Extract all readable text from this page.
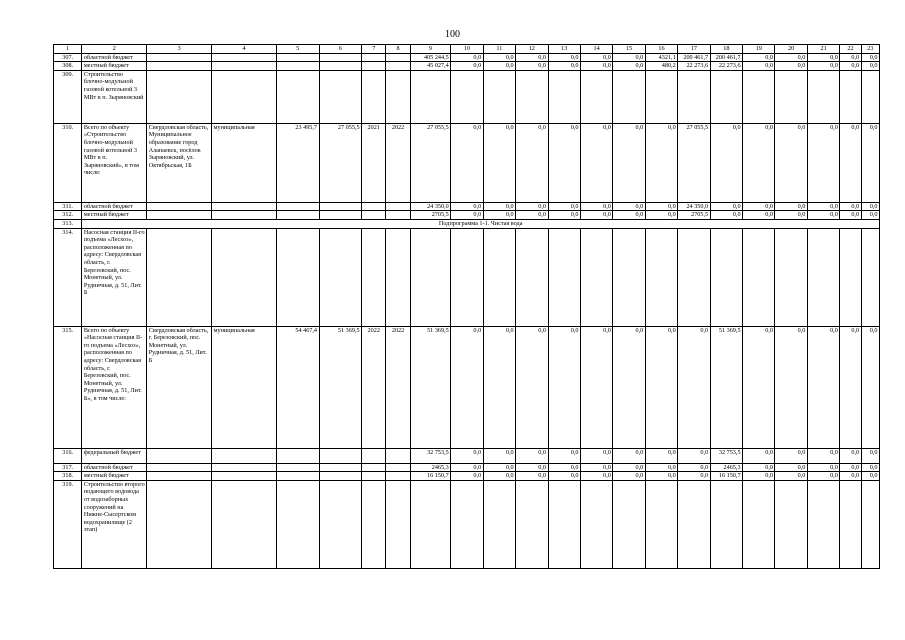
100
1	2	3	4	5	6	7	8	9	10	11	12	13	14	15	16	17	18	19	20	21	22	23
307.	областной бюджет							405 244,5	0,0	0,0	0,0	0,0	0,0	0,0	4321,1	200 461,7	200 461,7	0,0	0,0	0,0	0,0	0,0
308.	местный бюджет							45 027,4	0,0	0,0	0,0	0,0	0,0	0,0	480,2	22 273,6	22 273,6	0,0	0,0	0,0	0,0	0,0
309.	Строительство блочно-модульной газовой котельной 3 МВт в п. Зыряновский																					
310.	Всего по объекту «Строительство блочно-модульной газовой котельной 3 МВт в п. Зыряновский», в том числе:	Свердловская область, Муниципальное образование город Алапаевск, посёлок Зыряновский, ул. Октябрьская, 1Б	муниципальная	23 495,7	27 055,5	2021	2022	27 055,5	0,0	0,0	0,0	0,0	0,0	0,0	0,0	27 055,5	0,0	0,0	0,0	0,0	0,0	0,0
311.	областной бюджет							24 350,0	0,0	0,0	0,0	0,0	0,0	0,0	0,0	24 350,0	0,0	0,0	0,0	0,0	0,0	0,0
312.	местный бюджет							2705,5	0,0	0,0	0,0	0,0	0,0	0,0	0,0	2705,5	0,0	0,0	0,0	0,0	0,0	0,0
313.	Подпрограмма 1-1. Чистая вода																					
314.	Насосная станция II-го подъема «Лесхоз», расположенная по адресу: Свердловская область, г. Березовский, пос. Монетный, ул. Рудничная, д. 51, Лит. Б																					
315.	Всего по объекту «Насосная станция II-го подъема «Лесхоз», расположенная по адресу: Свердловская область, г. Березовский, пос. Монетный, ул. Рудничная, д. 51, Лит. Б», в том числе:	Свердловская область, г. Березовский, пос. Монетный, ул. Рудничная, д. 51, Лит. Б	муниципальная	54 467,4	51 369,5	2022	2022	51 369,5	0,0	0,0	0,0	0,0	0,0	0,0	0,0	0,0	51 369,5	0,0	0,0	0,0	0,0	0,0
316.	федеральный бюджет							32 753,5	0,0	0,0	0,0	0,0	0,0	0,0	0,0	0,0	32 753,5	0,0	0,0	0,0	0,0	0,0
317.	областной бюджет							2465,3	0,0	0,0	0,0	0,0	0,0	0,0	0,0	0,0	2465,3	0,0	0,0	0,0	0,0	0,0
318.	местный бюджет							16 150,7	0,0	0,0	0,0	0,0	0,0	0,0	0,0	0,0	16 150,7	0,0	0,0	0,0	0,0	0,0
319.	Строительство второго подающего водовода от водозаборных сооружений на Нижне-Сысертском водохранилище (2 этап)																					
